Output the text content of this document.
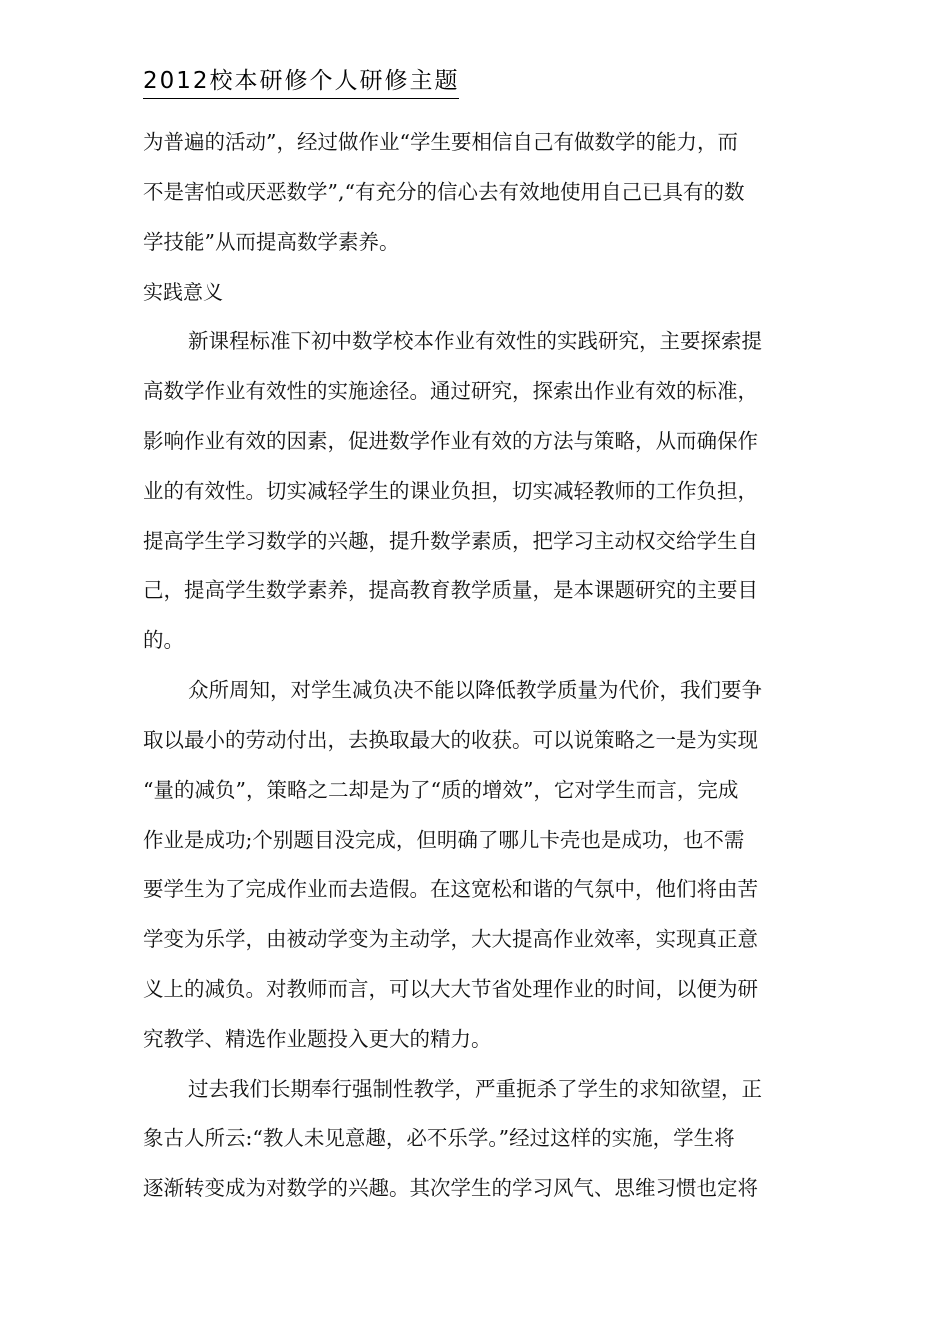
2012校本研修个人研修主题
为普遍的活动”，经过做作业“学生要相信自己有做数学的能力，而
不是害怕或厌恶数学”,“有充分的信心去有效地使用自己已具有的数
学技能”从而提高数学素养。
实践意义
新课程标准下初中数学校本作业有效性的实践研究，主要探索提
高数学作业有效性的实施途径。通过研究，探索出作业有效的标准，
影响作业有效的因素，促进数学作业有效的方法与策略，从而确保作
业的有效性。切实减轻学生的课业负担，切实减轻教师的工作负担，
提高学生学习数学的兴趣，提升数学素质，把学习主动权交给学生自
己，提高学生数学素养，提高教育教学质量，是本课题研究的主要目
的。
众所周知，对学生减负决不能以降低教学质量为代价，我们要争
取以最小的劳动付出，去换取最大的收获。可以说策略之一是为实现
“量的减负”，策略之二却是为了“质的增效”，它对学生而言，完成
作业是成功;个别题目没完成，但明确了哪儿卡壳也是成功，也不需
要学生为了完成作业而去造假。在这宽松和谐的气氛中，他们将由苦
学变为乐学，由被动学变为主动学，大大提高作业效率，实现真正意
义上的减负。对教师而言，可以大大节省处理作业的时间，以便为研
究教学、精选作业题投入更大的精力。
过去我们长期奉行强制性教学，严重扼杀了学生的求知欲望，正
象古人所云:“教人未见意趣，必不乐学。”经过这样的实施，学生将
逐渐转变成为对数学的兴趣。其次学生的学习风气、思维习惯也定将
